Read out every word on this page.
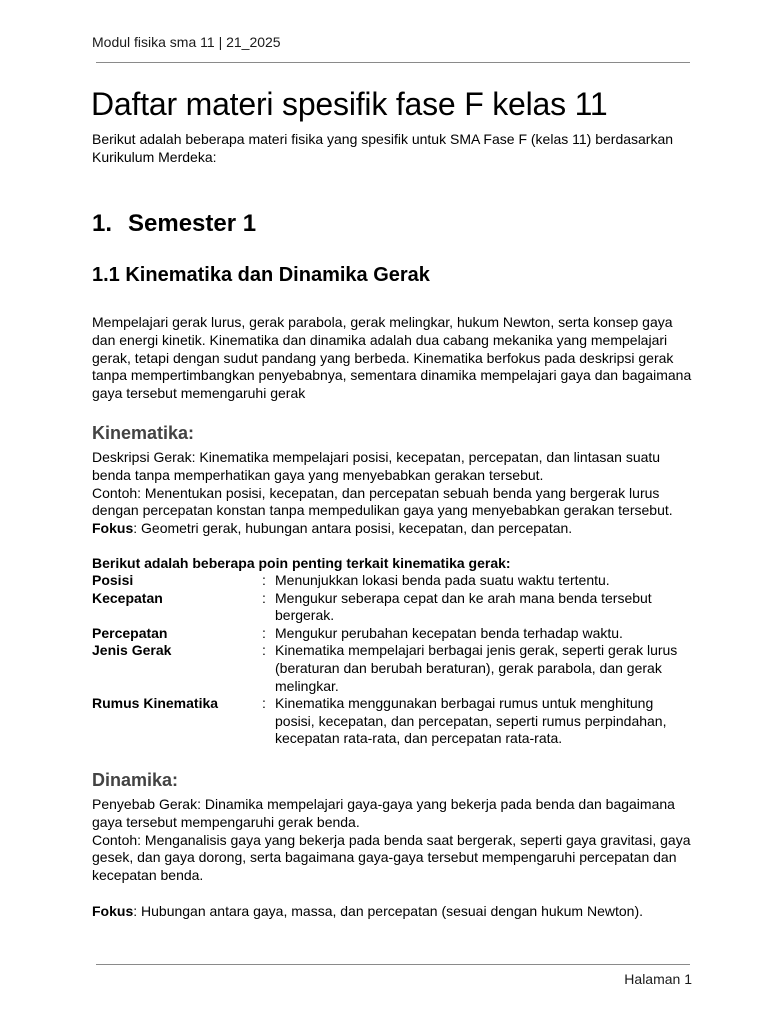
Modul fisika sma 11 | 21_2025
Daftar materi spesifik fase F kelas 11

Berikut adalah beberapa materi fisika yang spesifik untuk SMA Fase F (kelas 11) berdasarkan Kurikulum Merdeka:

1. Semester 1
1.1 Kinematika dan Dinamika Gerak

Mempelajari gerak lurus, gerak parabola, gerak melingkar, hukum Newton, serta konsep gaya dan energi kinetik. Kinematika dan dinamika adalah dua cabang mekanika yang mempelajari gerak, tetapi dengan sudut pandang yang berbeda. Kinematika berfokus pada deskripsi gerak tanpa mempertimbangkan penyebabnya, sementara dinamika mempelajari gaya dan bagaimana gaya tersebut memengaruhi gerak

Kinematika:
Deskripsi Gerak: Kinematika mempelajari posisi, kecepatan, percepatan, dan lintasan suatu benda tanpa memperhatikan gaya yang menyebabkan gerakan tersebut.
Contoh: Menentukan posisi, kecepatan, dan percepatan sebuah benda yang bergerak lurus dengan percepatan konstan tanpa mempedulikan gaya yang menyebabkan gerakan tersebut.
Fokus: Geometri gerak, hubungan antara posisi, kecepatan, dan percepatan.
Berikut adalah beberapa poin penting terkait kinematika gerak:
Posisi	: Menunjukkan lokasi benda pada suatu waktu tertentu.
Kecepatan	: Mengukur seberapa cepat dan ke arah mana benda tersebut bergerak.
Percepatan	: Mengukur perubahan kecepatan benda terhadap waktu.
Jenis Gerak	: Kinematika mempelajari berbagai jenis gerak, seperti gerak lurus (beraturan dan berubah beraturan), gerak parabola, dan gerak melingkar.
Rumus Kinematika	: Kinematika menggunakan berbagai rumus untuk menghitung posisi, kecepatan, dan percepatan, seperti rumus perpindahan, kecepatan rata-rata, dan percepatan rata-rata.
Dinamika:
Penyebab Gerak: Dinamika mempelajari gaya-gaya yang bekerja pada benda dan bagaimana gaya tersebut mempengaruhi gerak benda.
Contoh: Menganalisis gaya yang bekerja pada benda saat bergerak, seperti gaya gravitasi, gaya gesek, dan gaya dorong, serta bagaimana gaya-gaya tersebut mempengaruhi percepatan dan kecepatan benda.
Fokus: Hubungan antara gaya, massa, dan percepatan (sesuai dengan hukum Newton).
Halaman 1
